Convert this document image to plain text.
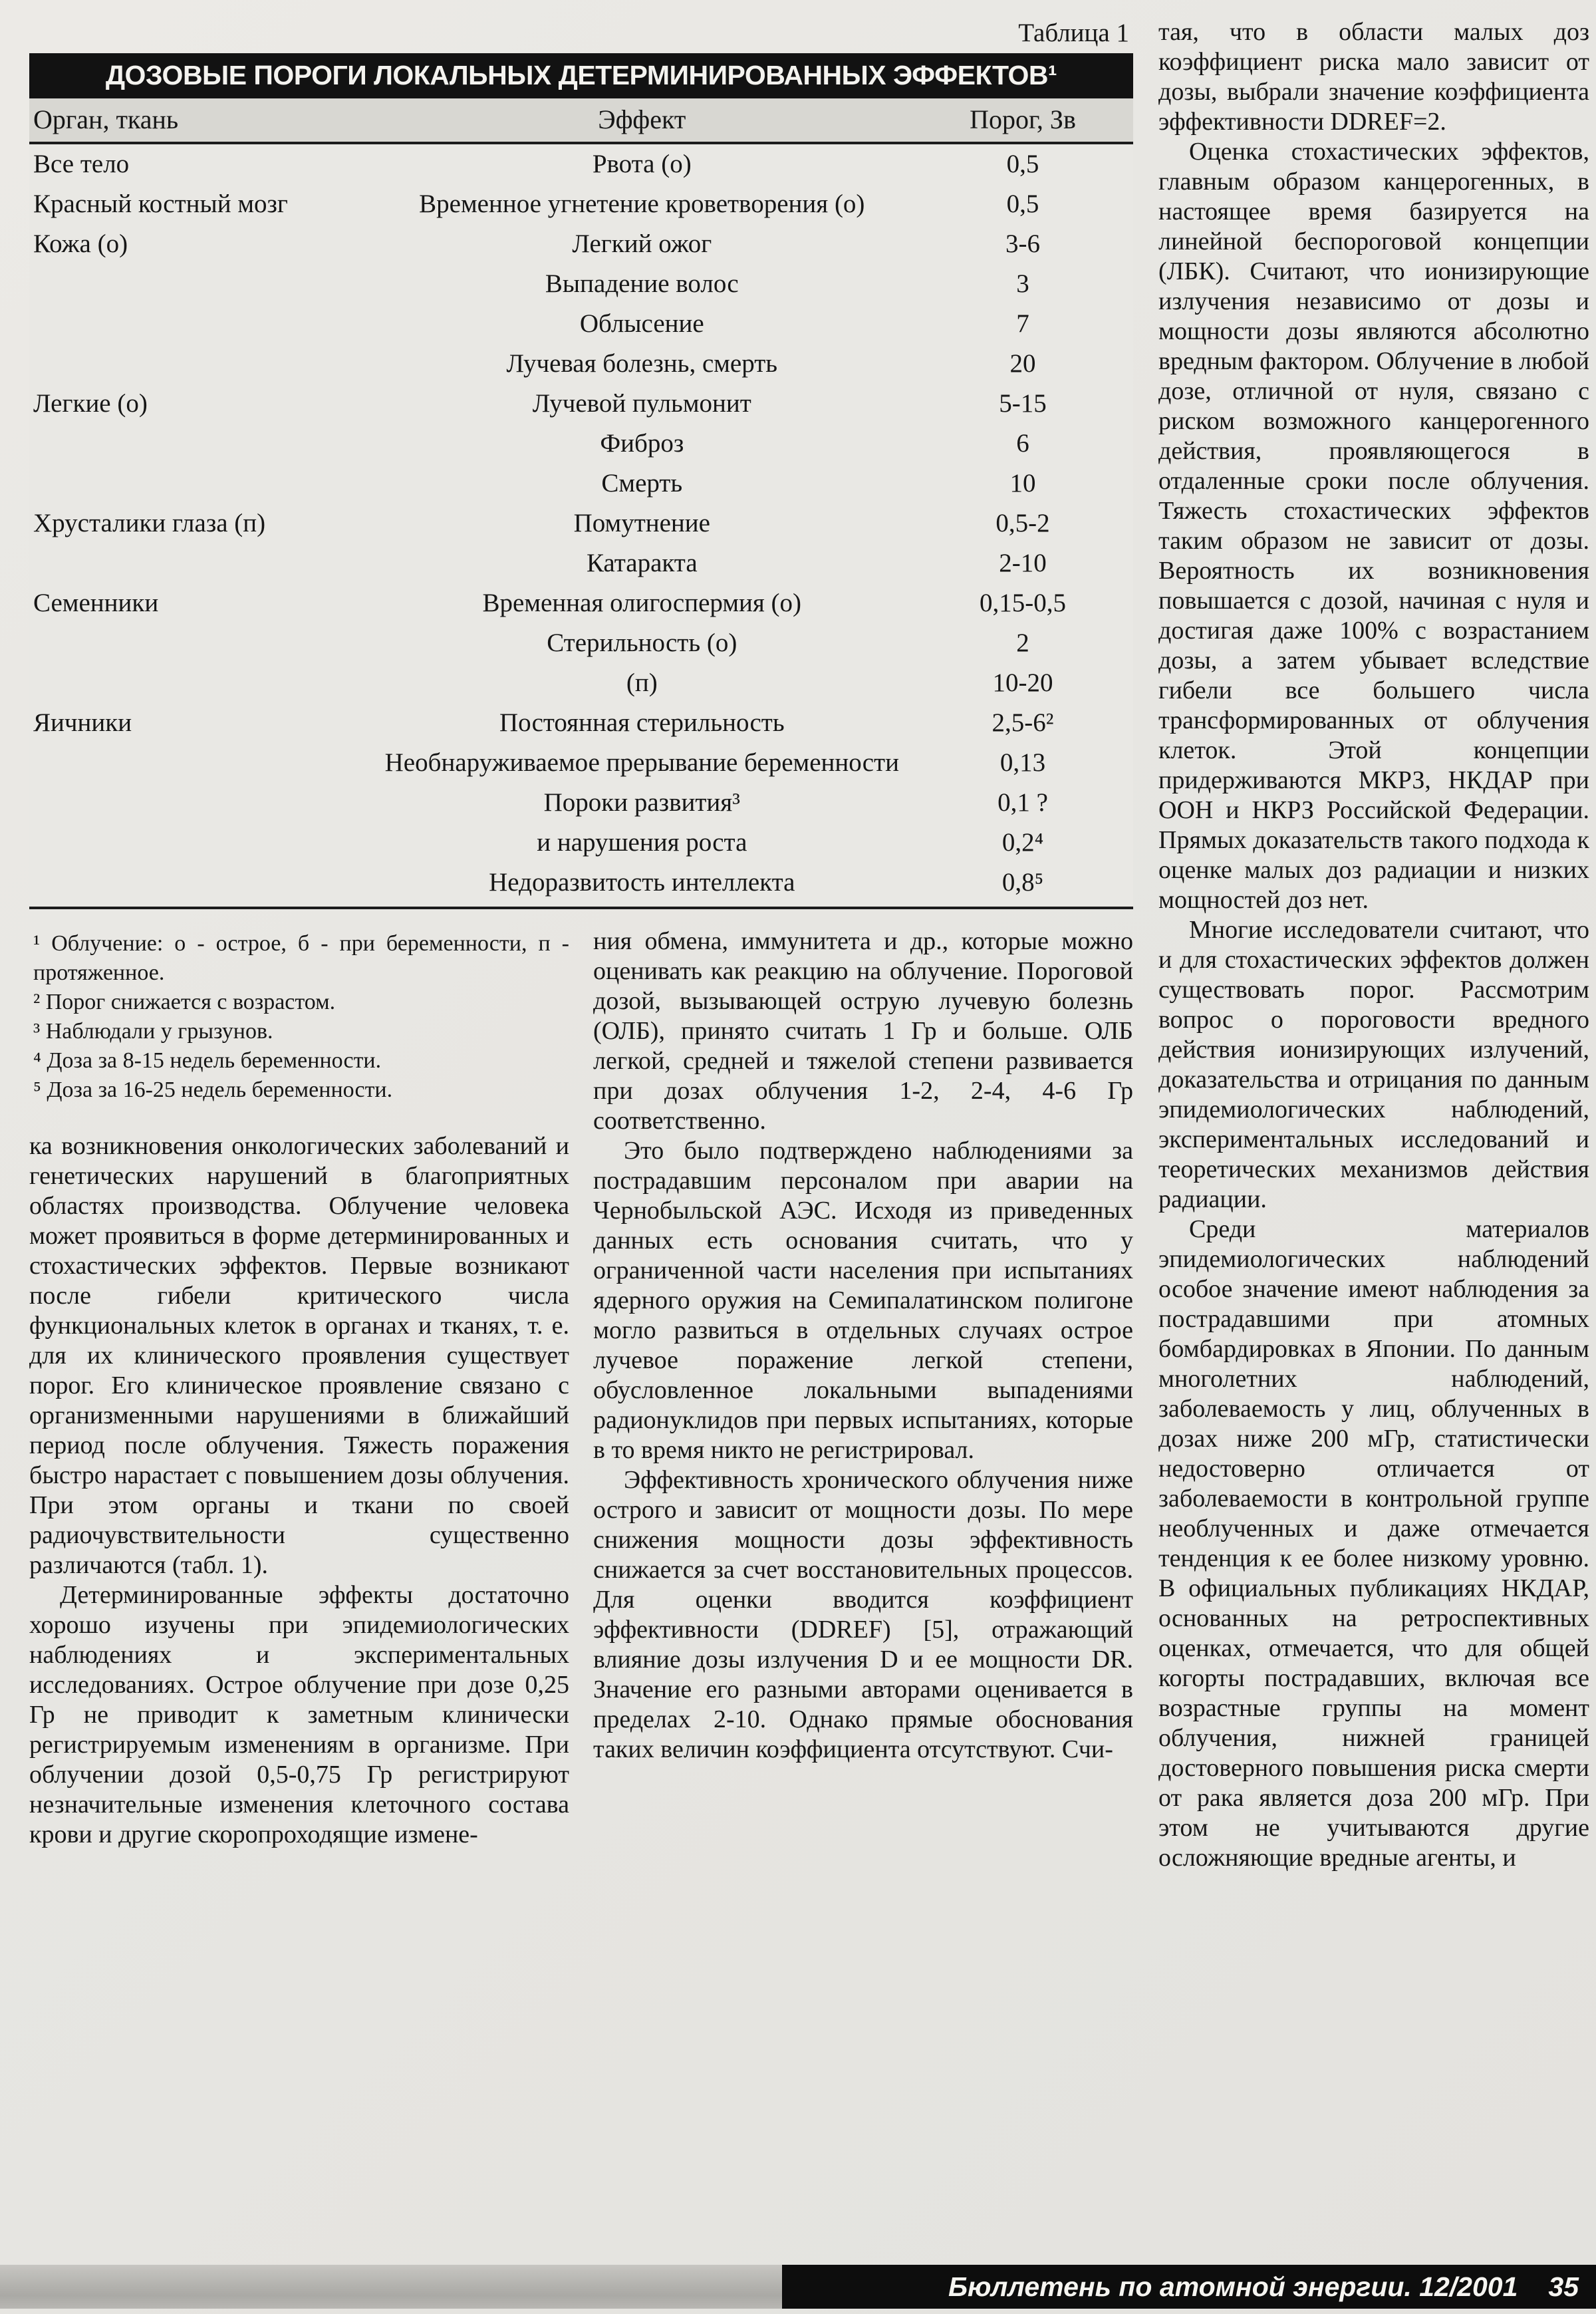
Таблица 1
ДОЗОВЫЕ ПОРОГИ ЛОКАЛЬНЫХ ДЕТЕРМИНИРОВАННЫХ ЭФФЕКТОВ¹		
Орган, ткань	Эффект	Порог, Зв
Все тело	Рвота (о)	0,5
Красный костный мозг	Временное угнетение кроветворения (о)	0,5
Кожа (о)	Легкий ожог	3-6
	Выпадение волос	3
	Облысение	7
	Лучевая болезнь, смерть	20
Легкие (о)	Лучевой пульмонит	5-15
	Фиброз	6
	Смерть	10
Хрусталики глаза (п)	Помутнение	0,5-2
	Катаракта	2-10
Семенники	Временная олигоспермия (о)	0,15-0,5
	Стерильность (о)	2
	(п)	10-20
Яичники	Постоянная стерильность	2,5-6²
	Необнаруживаемое прерывание беременности	0,13
	Пороки развития³	0,1 ?
	и нарушения роста	0,2⁴
	Недоразвитость интеллекта	0,8⁵
¹ Облучение: о - острое, б - при беременности, п - протяженное.
² Порог снижается с возрастом.
³ Наблюдали у грызунов.
⁴ Доза за 8-15 недель беременности.
⁵ Доза за 16-25 недель беременности.

ка возникновения онкологических заболеваний и генетических нарушений в благоприятных областях производства. Облучение человека может проявиться в форме детерминированных и стохастических эффектов. Первые возникают после гибели критического числа функциональных клеток в органах и тканях, т. е. для их клинического проявления существует порог. Его клиническое проявление связано с организменными нарушениями в ближайший период после облучения. Тяжесть поражения быстро нарастает с повышением дозы облучения. При этом органы и ткани по своей радиочувствительности существенно различаются (табл. 1).

Детерминированные эффекты достаточно хорошо изучены при эпидемиологических наблюдениях и экспериментальных исследованиях. Острое облучение при дозе 0,25 Гр не приводит к заметным клинически регистрируемым изменениям в организме. При облучении дозой 0,5-0,75 Гр регистрируют незначительные изменения клеточного состава крови и другие скоропроходящие измене-

ния обмена, иммунитета и др., которые можно оценивать как реакцию на облучение. Пороговой дозой, вызывающей острую лучевую болезнь (ОЛБ), принято считать 1 Гр и больше. ОЛБ легкой, средней и тяжелой степени развивается при дозах облучения 1-2, 2-4, 4-6 Гр соответственно.

Это было подтверждено наблюдениями за пострадавшим персоналом при аварии на Чернобыльской АЭС. Исходя из приведенных данных есть основания считать, что у ограниченной части населения при испытаниях ядерного оружия на Семипалатинском полигоне могло развиться в отдельных случаях острое лучевое поражение легкой степени, обусловленное локальными выпадениями радионуклидов при первых испытаниях, которые в то время никто не регистрировал.

Эффективность хронического облучения ниже острого и зависит от мощности дозы. По мере снижения мощности дозы эффективность снижается за счет восстановительных процессов. Для оценки вводится коэффициент эффективности (DDREF) [5], отражающий влияние дозы излучения D и ее мощности DR. Значение его разными авторами оценивается в пределах 2-10. Однако прямые обоснования таких величин коэффициента отсутствуют. Счи-

тая, что в области малых доз коэффициент риска мало зависит от дозы, выбрали значение коэффициента эффективности DDREF=2.

Оценка стохастических эффектов, главным образом канцерогенных, в настоящее время базируется на линейной беспороговой концепции (ЛБК). Считают, что ионизирующие излучения независимо от дозы и мощности дозы являются абсолютно вредным фактором. Облучение в любой дозе, отличной от нуля, связано с риском возможного канцерогенного действия, проявляющегося в отдаленные сроки после облучения. Тяжесть стохастических эффектов таким образом не зависит от дозы. Вероятность их возникновения повышается с дозой, начиная с нуля и достигая даже 100% с возрастанием дозы, а затем убывает вследствие гибели все большего числа трансформированных от облучения клеток. Этой концепции придерживаются МКРЗ, НКДАР при ООН и НКРЗ Российской Федерации. Прямых доказательств такого подхода к оценке малых доз радиации и низких мощностей доз нет.

Многие исследователи считают, что и для стохастических эффектов должен существовать порог. Рассмотрим вопрос о пороговости вредного действия ионизирующих излучений, доказательства и отрицания по данным эпидемиологических наблюдений, экспериментальных исследований и теоретических механизмов действия радиации.

Среди материалов эпидемиологических наблюдений особое значение имеют наблюдения за пострадавшими при атомных бомбардировках в Японии. По данным многолетних наблюдений, заболеваемость у лиц, облученных в дозах ниже 200 мГр, статистически недостоверно отличается от заболеваемости в контрольной группе необлученных и даже отмечается тенденция к ее более низкому уровню. В официальных публикациях НКДАР, основанных на ретроспективных оценках, отмечается, что для общей когорты пострадавших, включая все возрастные группы на момент облучения, нижней границей достоверного повышения риска смерти от рака является доза 200 мГр. При этом не учитываются другие осложняющие вредные агенты, и

Бюллетень по атомной энергии. 12/2001 35
